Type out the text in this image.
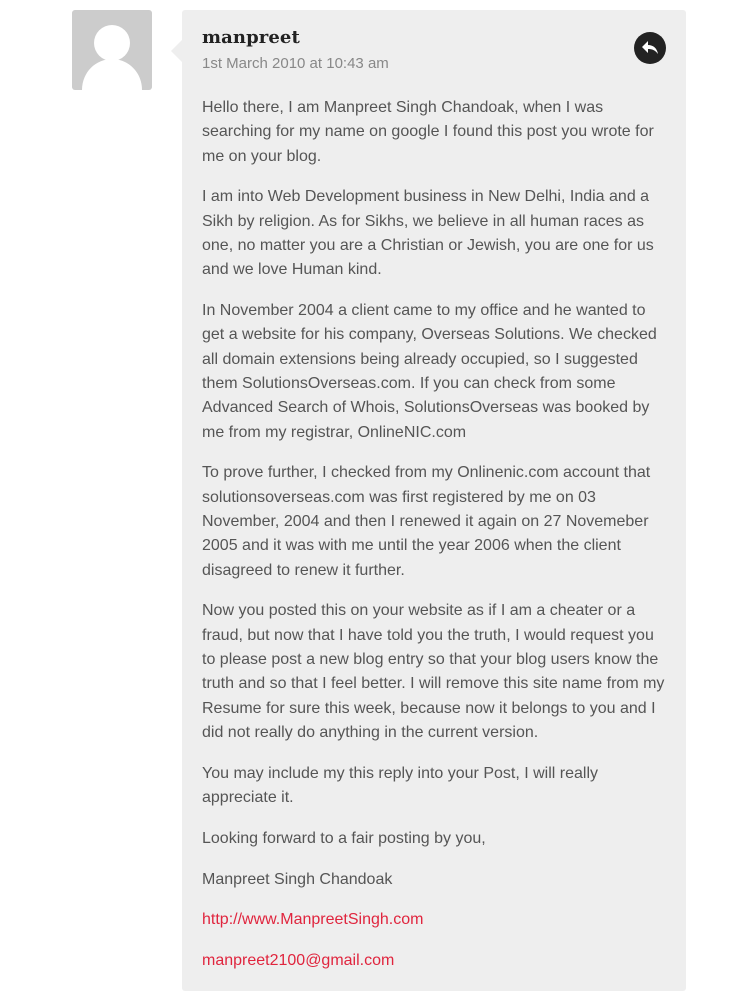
manpreet
1st March 2010 at 10:43 am

Hello there, I am Manpreet Singh Chandoak, when I was searching for my name on google I found this post you wrote for me on your blog.

I am into Web Development business in New Delhi, India and a Sikh by religion. As for Sikhs, we believe in all human races as one, no matter you are a Christian or Jewish, you are one for us and we love Human kind.

In November 2004 a client came to my office and he wanted to get a website for his company, Overseas Solutions. We checked all domain extensions being already occupied, so I suggested them SolutionsOverseas.com. If you can check from some Advanced Search of Whois, SolutionsOverseas was booked by me from my registrar, OnlineNIC.com

To prove further, I checked from my Onlinenic.com account that solutionsoverseas.com was first registered by me on 03 November, 2004 and then I renewed it again on 27 Novemeber 2005 and it was with me until the year 2006 when the client disagreed to renew it further.

Now you posted this on your website as if I am a cheater or a fraud, but now that I have told you the truth, I would request you to please post a new blog entry so that your blog users know the truth and so that I feel better. I will remove this site name from my Resume for sure this week, because now it belongs to you and I did not really do anything in the current version.

You may include my this reply into your Post, I will really appreciate it.

Looking forward to a fair posting by you,

Manpreet Singh Chandoak

http://www.ManpreetSingh.com

manpreet2100@gmail.com
